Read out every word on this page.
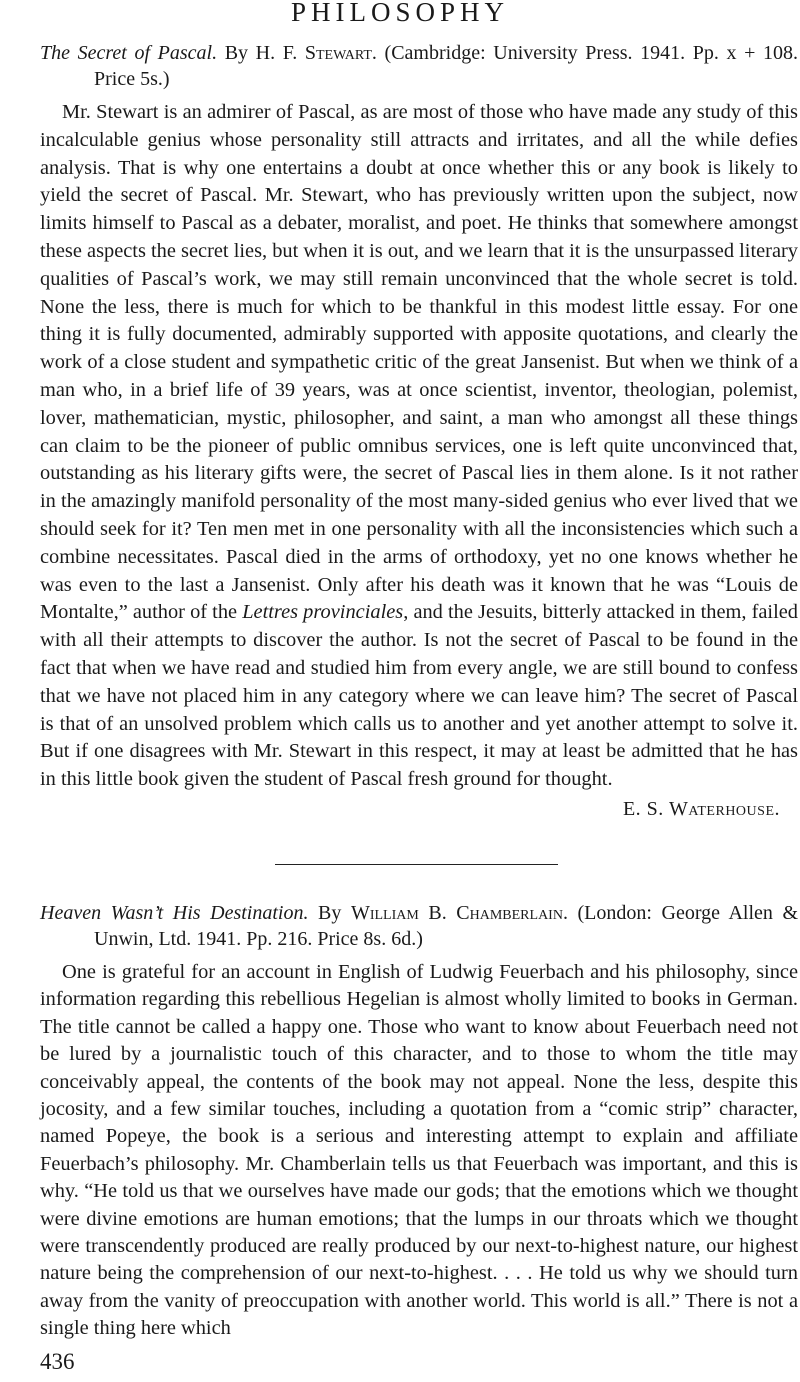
PHILOSOPHY

The Secret of Pascal. By H. F. Stewart. (Cambridge: University Press. 1941. Pp. x + 108. Price 5s.)

Mr. Stewart is an admirer of Pascal, as are most of those who have made any study of this incalculable genius whose personality still attracts and irritates, and all the while defies analysis. That is why one entertains a doubt at once whether this or any book is likely to yield the secret of Pascal. Mr. Stewart, who has previously written upon the subject, now limits himself to Pascal as a debater, moralist, and poet. He thinks that somewhere amongst these aspects the secret lies, but when it is out, and we learn that it is the unsurpassed literary qualities of Pascal’s work, we may still remain unconvinced that the whole secret is told. None the less, there is much for which to be thankful in this modest little essay. For one thing it is fully documented, admirably supported with apposite quotations, and clearly the work of a close student and sympathetic critic of the great Jansenist. But when we think of a man who, in a brief life of 39 years, was at once scientist, inventor, theologian, polemist, lover, mathematician, mystic, philosopher, and saint, a man who amongst all these things can claim to be the pioneer of public omnibus services, one is left quite unconvinced that, outstanding as his literary gifts were, the secret of Pascal lies in them alone. Is it not rather in the amazingly manifold personality of the most many-sided genius who ever lived that we should seek for it? Ten men met in one personality with all the inconsistencies which such a combine necessitates. Pascal died in the arms of orthodoxy, yet no one knows whether he was even to the last a Jansenist. Only after his death was it known that he was “Louis de Montalte,” author of the Lettres provinciales, and the Jesuits, bitterly attacked in them, failed with all their attempts to discover the author. Is not the secret of Pascal to be found in the fact that when we have read and studied him from every angle, we are still bound to confess that we have not placed him in any category where we can leave him? The secret of Pascal is that of an unsolved problem which calls us to another and yet another attempt to solve it. But if one disagrees with Mr. Stewart in this respect, it may at least be admitted that he has in this little book given the student of Pascal fresh ground for thought.

E. S. Waterhouse.

Heaven Wasn’t His Destination. By William B. Chamberlain. (London: George Allen & Unwin, Ltd. 1941. Pp. 216. Price 8s. 6d.)

One is grateful for an account in English of Ludwig Feuerbach and his philosophy, since information regarding this rebellious Hegelian is almost wholly limited to books in German. The title cannot be called a happy one. Those who want to know about Feuerbach need not be lured by a journalistic touch of this character, and to those to whom the title may conceivably appeal, the contents of the book may not appeal. None the less, despite this jocosity, and a few similar touches, including a quotation from a “comic strip” character, named Popeye, the book is a serious and interesting attempt to explain and affiliate Feuerbach’s philosophy. Mr. Chamberlain tells us that Feuerbach was important, and this is why. “He told us that we ourselves have made our gods; that the emotions which we thought were divine emotions are human emotions; that the lumps in our throats which we thought were transcendently produced are really produced by our next-to-highest nature, our highest nature being the comprehension of our next-to-highest. . . . He told us why we should turn away from the vanity of preoccupation with another world. This world is all.” There is not a single thing here which

436
